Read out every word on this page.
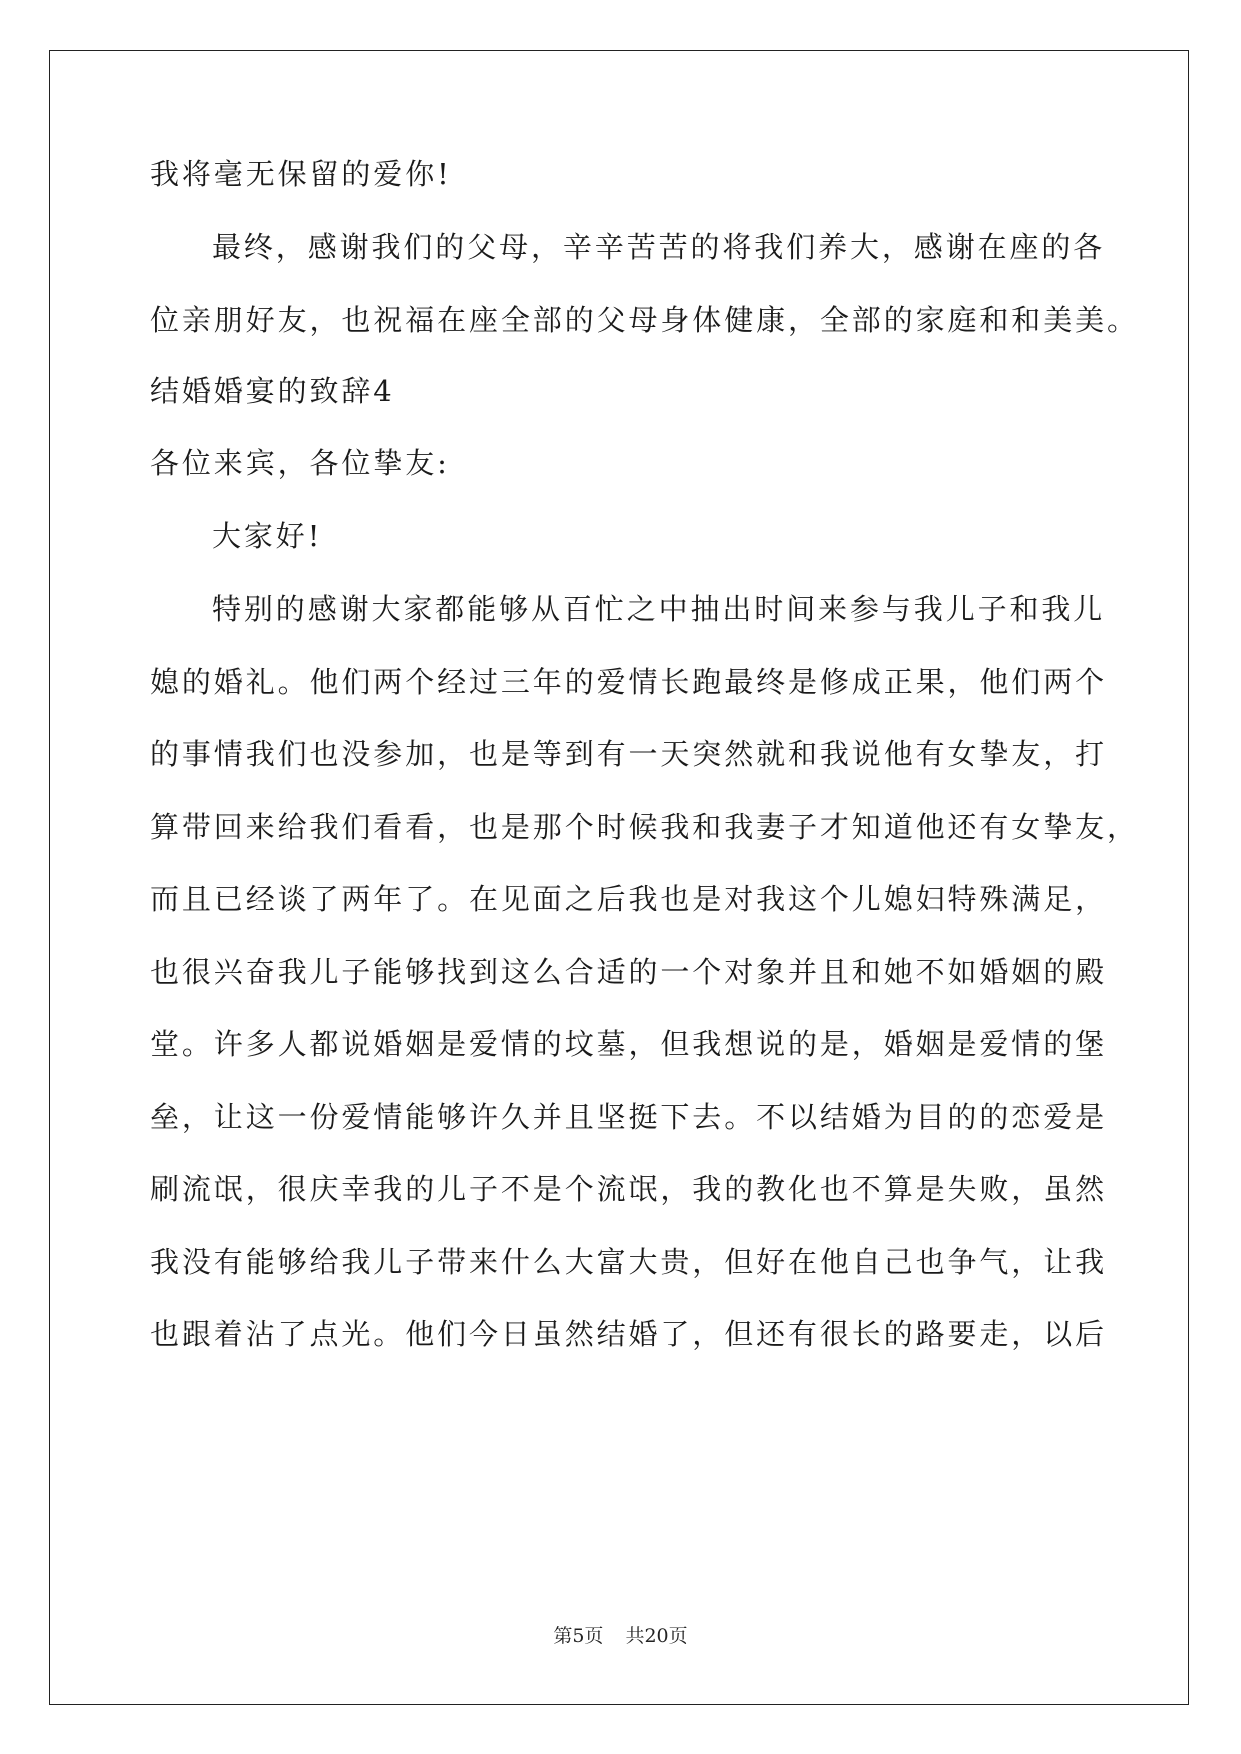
我将毫无保留的爱你!
最终，感谢我们的父母，辛辛苦苦的将我们养大，感谢在座的各
位亲朋好友，也祝福在座全部的父母身体健康，全部的家庭和和美美。
结婚婚宴的致辞4
各位来宾，各位挚友:
大家好!
特别的感谢大家都能够从百忙之中抽出时间来参与我儿子和我儿
媳的婚礼。他们两个经过三年的爱情长跑最终是修成正果，他们两个
的事情我们也没参加，也是等到有一天突然就和我说他有女挚友，打
算带回来给我们看看，也是那个时候我和我妻子才知道他还有女挚友，
而且已经谈了两年了。在见面之后我也是对我这个儿媳妇特殊满足，
也很兴奋我儿子能够找到这么合适的一个对象并且和她不如婚姻的殿
堂。许多人都说婚姻是爱情的坟墓，但我想说的是，婚姻是爱情的堡
垒，让这一份爱情能够许久并且坚挺下去。不以结婚为目的的恋爱是
刷流氓，很庆幸我的儿子不是个流氓，我的教化也不算是失败，虽然
我没有能够给我儿子带来什么大富大贵，但好在他自己也争气，让我
也跟着沾了点光。他们今日虽然结婚了，但还有很长的路要走，以后
第5页 共20页
